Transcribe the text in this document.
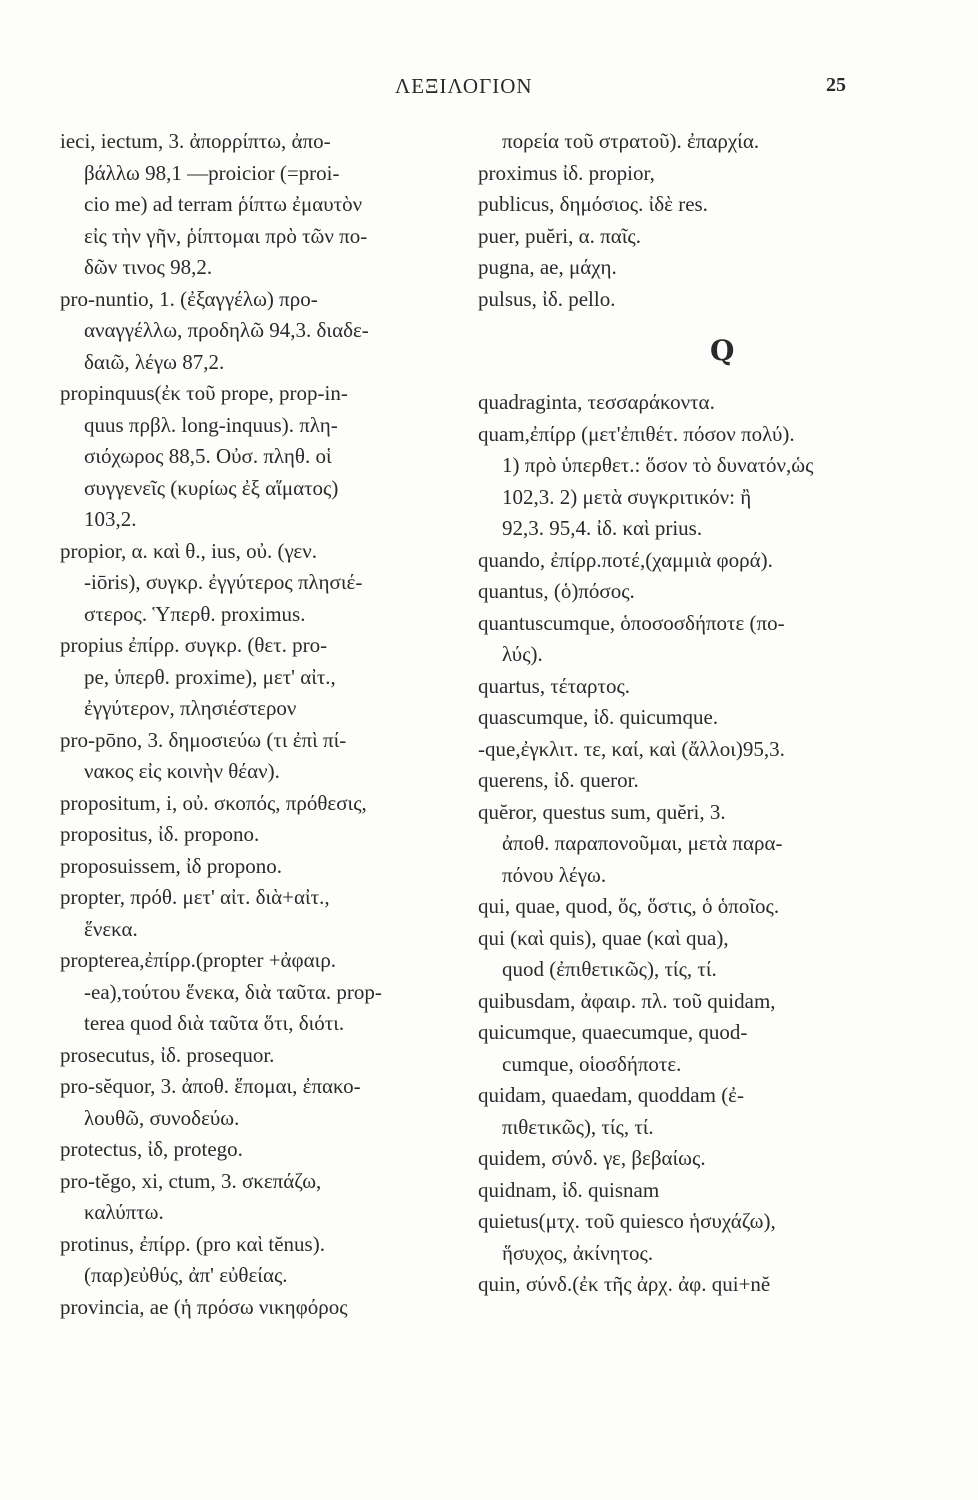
ΛΕΞΙΛΟΓΙΟΝ	25
ieci, iectum, 3. ἀπορρίπτω, ἀπο-
βάλλω 98,1 —proicior (=proi-
cio me) ad terram ῥίπτω ἐμαυτὸν
εἰς τὴν γῆν, ῥίπτομαι πρὸ τῶν πο-
δῶν τινος 98,2.
pro-nuntio, 1. (ἐξαγγέλω) προ-
αναγγέλλω, προδηλῶ 94,3. διαδε-
δαιῶ, λέγω 87,2.
propinquus(ἐκ τοῦ prope, prop-in-
quus πρβλ. long-inquus). πλη-
σιόχωρος 88,5. Οὐσ. πληθ. οἱ
συγγενεῖς (κυρίως ἐξ αἵματος)
103,2.
propior, α. καὶ θ., ius, οὐ. (γεν.
-iōris), συγκρ. ἐγγύτερος πλησιέ-
στερος. Ὑπερθ. proximus.
propius ἐπίρρ. συγκρ. (θετ. pro-
pe, ὑπερθ. proxime), μετ' αἰτ.,
ἐγγύτερον, πλησιέστερον
pro-pōno, 3. δημοσιεύω (τι ἐπὶ πί-
νακος εἰς κοινὴν θέαν).
propositum, i, οὐ. σκοπός, πρόθεσις,
propositus, ἰδ. propono.
proposuissem, ἰδ propono.
propter, πρόθ. μετ' αἰτ. διὰ+αἰτ.,
ἕνεκα.
propterea,ἐπίρρ.(propter +ἀφαιρ.
-ea),τούτου ἕνεκα, διὰ ταῦτα. prop-
terea quod διὰ ταῦτα ὅτι, διότι.
prosecutus, ἰδ. prosequor.
pro-sĕquor, 3. ἀποθ. ἕπομαι, ἐπακο-
λουθῶ, συνοδεύω.
protectus, ἰδ, protego.
pro-tĕgo, xi, ctum, 3. σκεπάζω,
καλύπτω.
protinus, ἐπίρρ. (pro καὶ tĕnus).
(παρ)εὐθύς, ἀπ' εὐθείας.
provincia, ae (ἡ πρόσω νικηφόρος
πορεία τοῦ στρατοῦ). ἐπαρχία.
proximus ἰδ. propior,
publicus, δημόσιος. ἰδὲ res.
puer, puĕri, α. παῖς.
pugna, ae, μάχη.
pulsus, ἰδ. pello.
Q
quadraginta, τεσσαράκοντα.
quam,ἐπίρρ (μετ'ἐπιθέτ. πόσον πολύ).
1) πρὸ ὑπερθετ.: ὅσον τὸ δυνατόν,ὡς
102,3. 2) μετὰ συγκριτικόν: ἢ
92,3. 95,4. ἰδ. καὶ prius.
quando, ἐπίρρ.ποτέ,(χαμμιὰ φορά).
quantus, (ὁ)πόσος.
quantuscumque, ὁποσοσδήποτε (πο-
λύς).
quartus, τέταρτος.
quascumque, ἰδ. quicumque.
-que,ἐγκλιτ. τε, καί, καὶ (ἄλλοι)95,3.
querens, ἰδ. queror.
quĕror, questus sum, quĕri, 3.
ἀποθ. παραπονοῦμαι, μετὰ παρα-
πόνου λέγω.
qui, quae, quod, ὅς, ὅστις, ὁ ὁποῖος.
qui (καὶ quis), quae (καὶ qua),
quod (ἐπιθετικῶς), τίς, τί.
quibusdam, ἀφαιρ. πλ. τοῦ quidam,
quicumque, quaecumque, quod-
cumque, οἱοσδήποτε.
quidam, quaedam, quoddam (ἐ-
πιθετικῶς), τίς, τί.
quidem, σύνδ. γε, βεβαίως.
quidnam, ἰδ. quisnam
quietus(μτχ. τοῦ quiesco ἡσυχάζω),
ἥσυχος, ἀκίνητος.
quin, σύνδ.(ἐκ τῆς ἀρχ. ἀφ. qui+nĕ
